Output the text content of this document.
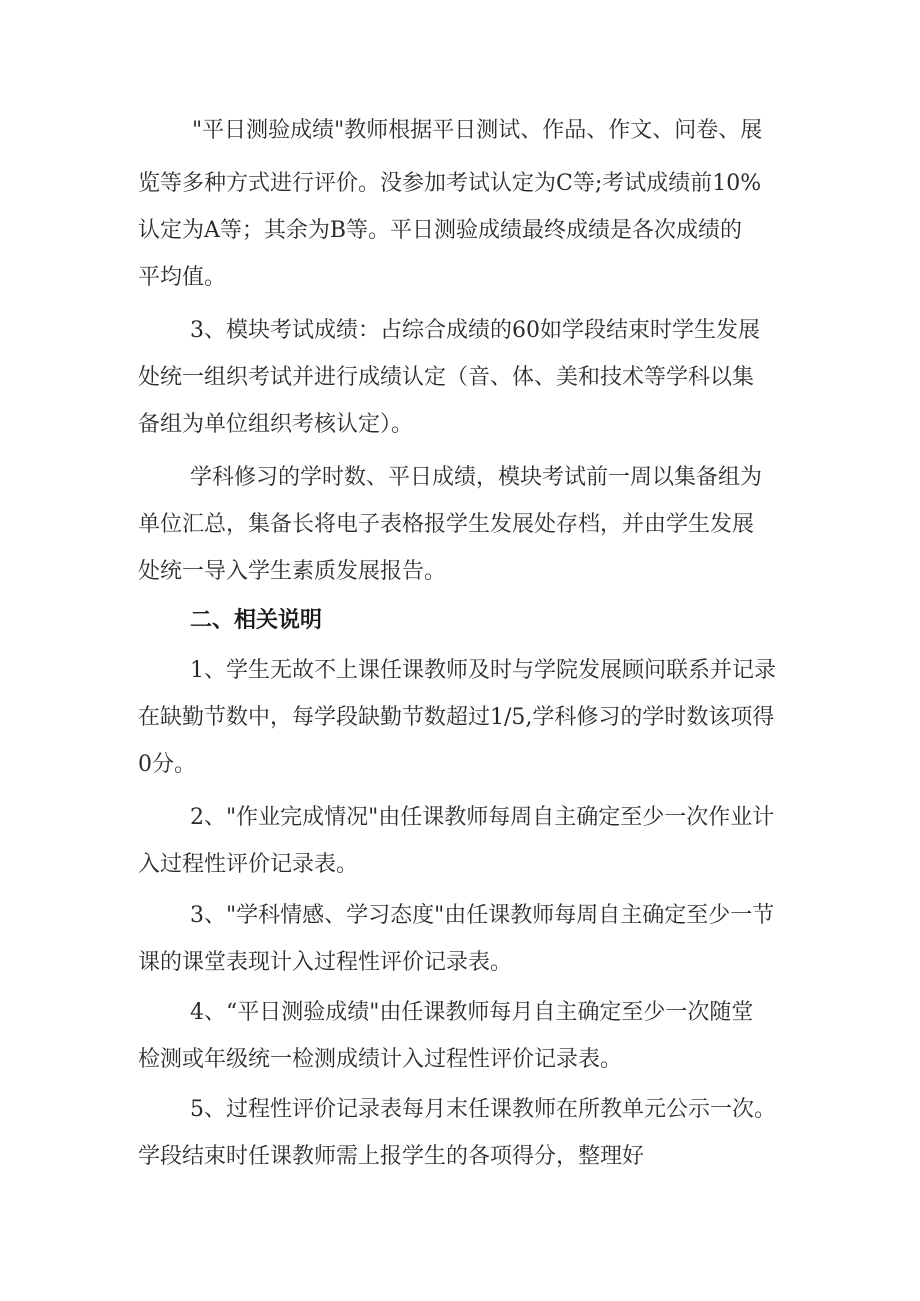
"平日测验成绩"教师根据平日测试、作品、作文、问卷、展
览等多种方式进行评价。没参加考试认定为C等;考试成绩前10%
认定为A等；其余为B等。平日测验成绩最终成绩是各次成绩的
平均值。
3、模块考试成绩：占综合成绩的60如学段结束时学生发展
处统一组织考试并进行成绩认定（音、体、美和技术等学科以集
备组为单位组织考核认定）。
学科修习的学时数、平日成绩，模块考试前一周以集备组为
单位汇总，集备长将电子表格报学生发展处存档，并由学生发展
处统一导入学生素质发展报告。
二、相关说明
1、学生无故不上课任课教师及时与学院发展顾问联系并记录
在缺勤节数中，每学段缺勤节数超过1/5,学科修习的学时数该项得
0分。
2、"作业完成情况"由任课教师每周自主确定至少一次作业计
入过程性评价记录表。
3、"学科情感、学习态度"由任课教师每周自主确定至少一节
课的课堂表现计入过程性评价记录表。
4、“平日测验成绩"由任课教师每月自主确定至少一次随堂
检测或年级统一检测成绩计入过程性评价记录表。
5、过程性评价记录表每月末任课教师在所教单元公示一次。
学段结束时任课教师需上报学生的各项得分，整理好
